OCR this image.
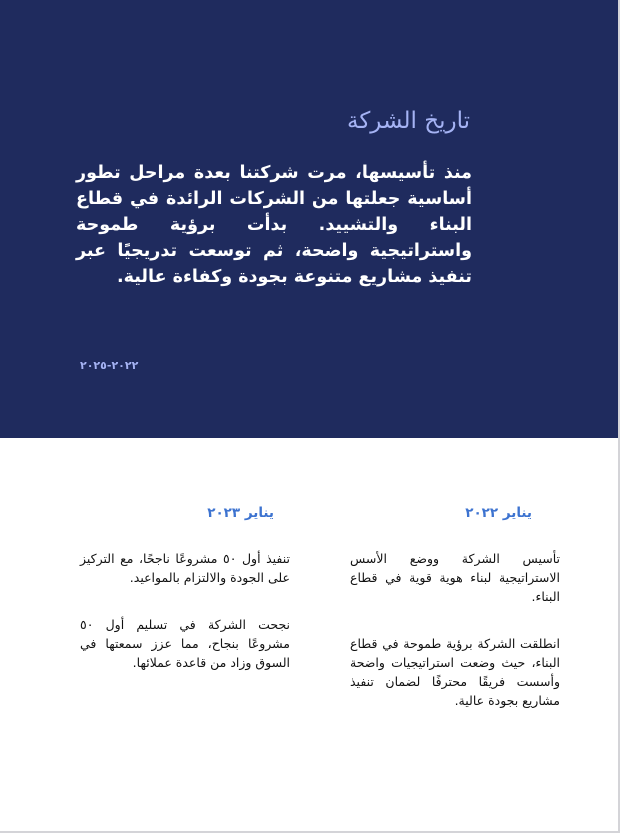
تاريخ الشركة

منذ تأسيسها، مرت شركتنا بعدة مراحل تطور أساسية جعلتها من الشركات الرائدة في قطاع البناء والتشييد. بدأت برؤية طموحة واستراتيجية واضحة، ثم توسعت تدريجيًا عبر تنفيذ مشاريع متنوعة بجودة وكفاءة عالية.

٢٠٢٢-٢٠٢٥

يناير ٢٠٢٢

تأسيس الشركة ووضع الأسس الاستراتيجية لبناء هوية قوية في قطاع البناء.

انطلقت الشركة برؤية طموحة في قطاع البناء، حيث وضعت استراتيجيات واضحة وأسست فريقًا محترفًا لضمان تنفيذ مشاريع بجودة عالية.

يناير ٢٠٢٣

تنفيذ أول ٥٠ مشروعًا ناجحًا، مع التركيز على الجودة والالتزام بالمواعيد.

نجحت الشركة في تسليم أول ٥٠ مشروعًا بنجاح، مما عزز سمعتها في السوق وزاد من قاعدة عملائها.
